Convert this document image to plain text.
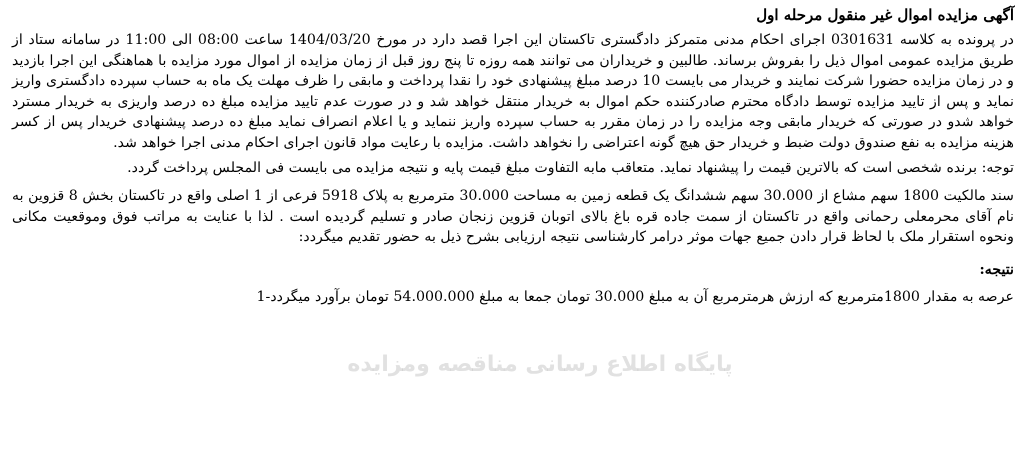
آگهی مزایده اموال غیر منقول مرحله اول
در پرونده به کلاسه 0301631 اجرای احکام مدنی متمرکز دادگستری تاکستان این اجرا قصد دارد در مورخ 1404/03/20 ساعت 08:00 الی 11:00 در سامانه ستاد از طریق مزایده عمومی اموال ذیل را بفروش برساند. طالبین و خریداران می توانند همه روزه تا پنج روز قبل از زمان مزایده از اموال مورد مزایده با هماهنگی این اجرا بازدید و در زمان مزایده حضورا شرکت نمایند و خریدار می بایست 10 درصد مبلغ پیشنهادی خود را نقدا پرداخت و مابقی را ظرف مهلت یک ماه به حساب سپرده دادگستری واریز نماید و پس از تایید مزایده توسط دادگاه محترم صادرکننده حکم اموال به خریدار منتقل خواهد شد و در صورت عدم تایید مزایده مبلغ ده درصد واریزی به خریدار مسترد خواهد شدو در صورتی که خریدار مابقی وجه مزایده را در زمان مقرر به حساب سپرده واریز ننماید و یا اعلام انصراف نماید مبلغ ده درصد پیشنهادی خریدار پس از کسر هزینه مزایده به نفع صندوق دولت ضبط و خریدار حق هیچ گونه اعتراضی را نخواهد داشت. مزایده با رعایت مواد قانون اجرای احکام مدنی اجرا خواهد شد.
توجه: برنده شخصی است که بالاترین قیمت را پیشنهاد نماید. متعاقب مابه التفاوت مبلغ قیمت پایه و نتیجه مزایده می بایست فی المجلس پرداخت گردد.
سند مالکیت 1800 سهم مشاع از 30.000 سهم ششدانگ یک قطعه زمین به مساحت 30.000 مترمربع به پلاک 5918 فرعی از 1 اصلی واقع در تاکستان بخش 8 قزوین به نام آقای محرمعلی رحمانی واقع در تاکستان از سمت جاده قره باغ بالای اتوبان قزوین زنجان صادر و تسلیم گردیده است . لذا با عنایت به مراتب فوق وموقعیت مکانی ونحوه استقرار ملک با لحاظ قرار دادن جمیع جهات موثر درامر کارشناسی نتیجه ارزیابی بشرح ذیل به حضور تقدیم میگردد:
نتیجه:
عرصه به مقدار 1800مترمربع که ارزش هرمترمربع آن به مبلغ 30.000 تومان جمعا به مبلغ 54.000.000 تومان برآورد میگردد-1
پایگاه اطلاع رسانی مناقصه ومزایده
